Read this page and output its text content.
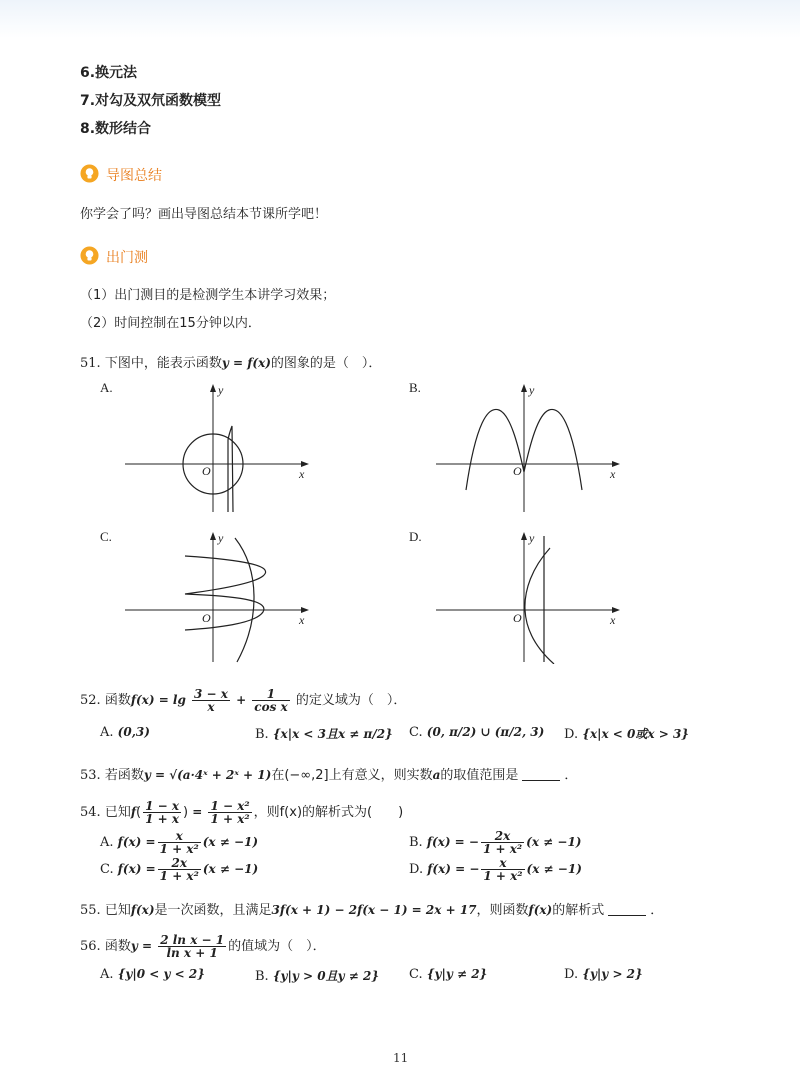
6.换元法
7.对勾及双氘函数模型
8.数形结合
导图总结
你学会了吗？画出导图总结本节课所学吧！
出门测
（1）出门测目的是检测学生本讲学习效果；
（2）时间控制在15分钟以内．
51. 下图中，能表示函数y = f(x)的图象的是（　）．
A.	B.
C.	D.
y
x
O
y
x
O
y
x
O
y
x
O
52. 函数$f(x) = \lg \frac{3 - x}{x} + \frac{1}{\text{cos x}}$ 的定义域为（　）．
A. (0,3)	B. {x|x < 3且x ≠ π/2} C. (0, π/2) ∪ (π/2, 3) D. {x|x < 0或x > 3}
53. 若函数y = √(a·4ˣ + 2ˣ + 1)在(−∞,2]上有意义，则实数a的取值范围是	．
54. 已知$f( \frac{1 - x}{1 + x}$ ) = $\frac{\text{1 − x²}}{\text{1 + x²}}$ ，则f(x)的解析式为(　　)
A. $f(x) = \frac{x}{\text{1 + x²}} (x \ne -1)$	B. f(x) = − $\frac{2x}{\text{1 + x²}} (x \ne -1)$
C. $f(x) = \frac{2x}{\text{1 + x²}} (x \ne -1)$	D. f(x) = − $\frac{x}{\text{1 + x²}} (x \ne -1)$
55. 已知f(x)是一次函数，且满足3f(x + 1) − 2f(x − 1) = 2x + 17，则函数f(x)的解析式	．
56. 函数$y = \frac{\text{2 ln x − 1}}{\text{ln x + 1}}$ 的值域为（　）．
A. {y|0 < y < 2}	B. {y|y > 0且y ≠ 2} C. {y|y ≠ 2}	D. {y|y > 2}
11
